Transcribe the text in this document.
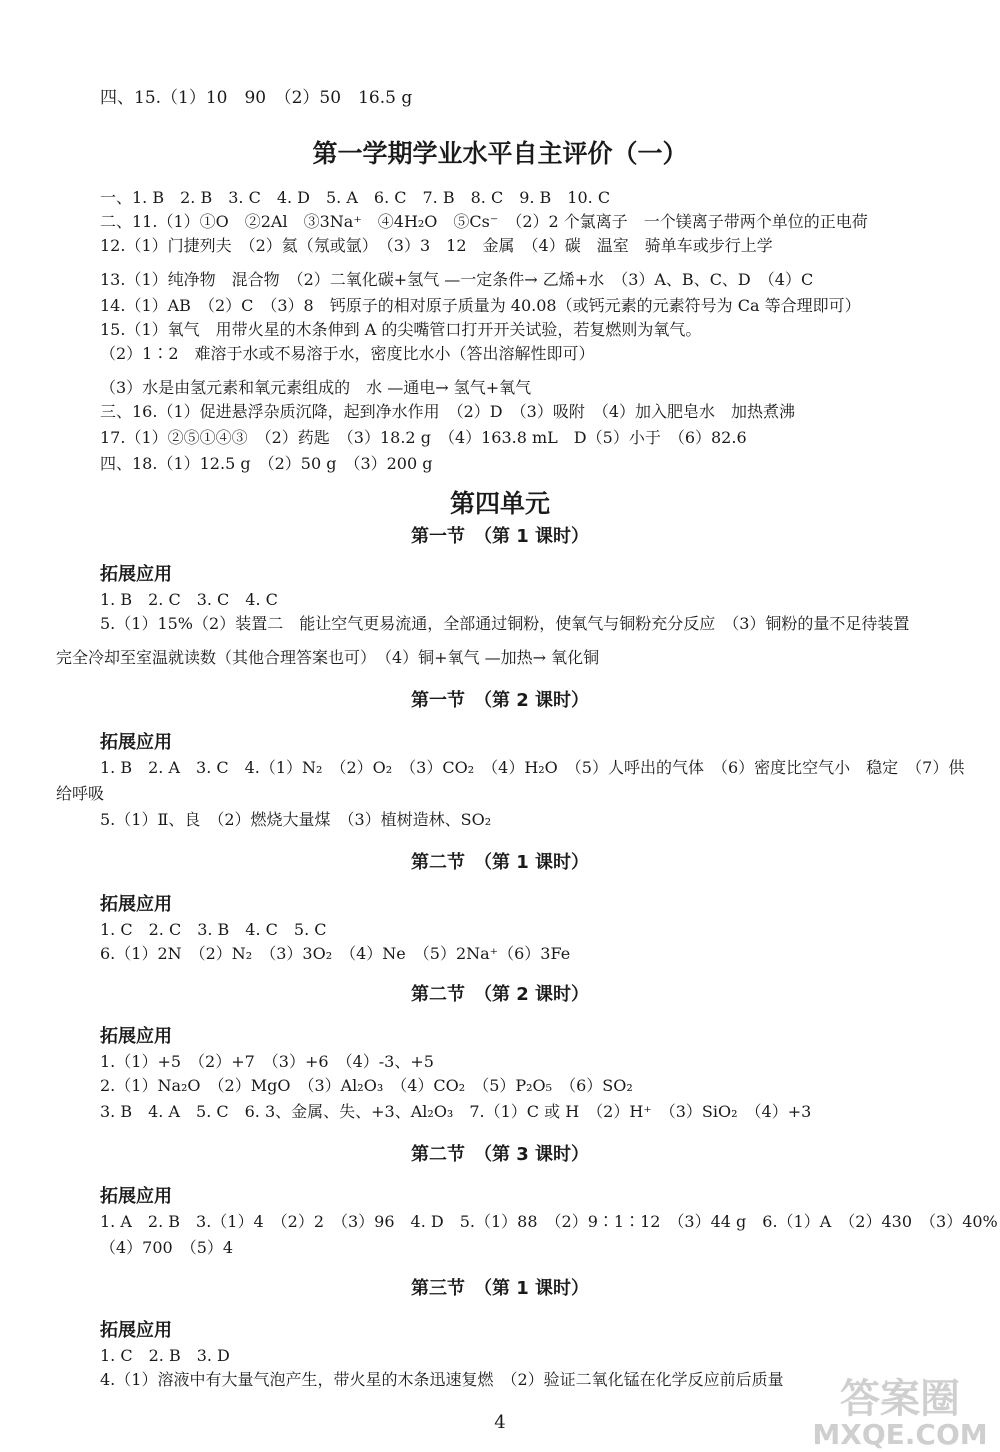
四、15.（1）10　90　（2）50　16.5 g
第一学期学业水平自主评价（一）
一、1. B　2. B　3. C　4. D　5. A　6. C　7. B　8. C　9. B　10. C
二、11.（1）①O　②2Al　③3Na⁺　④4H₂O　⑤Cs⁻　（2）2 个氯离子　一个镁离子带两个单位的正电荷
12.（1）门捷列夫　（2）氦（氖或氩）　（3）3　12　金属　（4）碳　温室　骑单车或步行上学
13.（1）纯净物　混合物　（2）二氧化碳+氢气 —一定条件→ 乙烯+水　（3）A、B、C、D　（4）C
14.（1）AB　（2）C　（3）8　钙原子的相对原子质量为 40.08（或钙元素的元素符号为 Ca 等合理即可）
15.（1）氧气　用带火星的木条伸到 A 的尖嘴管口打开开关试验，若复燃则为氧气。
（2）1∶2　难溶于水或不易溶于水，密度比水小（答出溶解性即可）
（3）水是由氢元素和氧元素组成的　水 —通电→ 氢气+氧气
三、16.（1）促进悬浮杂质沉降，起到净水作用　（2）D　（3）吸附　（4）加入肥皂水　加热煮沸
17.（1）②⑤①④③　（2）药匙　（3）18.2 g　（4）163.8 mL　D（5）小于　（6）82.6
四、18.（1）12.5 g　（2）50 g　（3）200 g
第四单元
第一节　（第 1 课时）
拓展应用
1. B　2. C　3. C　4. C
5.（1）15%（2）装置二　能让空气更易流通，全部通过铜粉，使氧气与铜粉充分反应　（3）铜粉的量不足待装置
完全冷却至室温就读数（其他合理答案也可）　（4）铜+氧气 —加热→ 氧化铜
第一节　（第 2 课时）
拓展应用
1. B　2. A　3. C　4.（1）N₂　（2）O₂　（3）CO₂　（4）H₂O　（5）人呼出的气体　（6）密度比空气小　稳定　（7）供
给呼吸
5.（1）Ⅱ、良　（2）燃烧大量煤　（3）植树造林、SO₂
第二节　（第 1 课时）
拓展应用
1. C　2. C　3. B　4. C　5. C
6.（1）2N　（2）N₂　（3）3O₂　（4）Ne　（5）2Na⁺（6）3Fe
第二节　（第 2 课时）
拓展应用
1.（1）+5　（2）+7　（3）+6　（4）-3、+5
2.（1）Na₂O　（2）MgO　（3）Al₂O₃　（4）CO₂　（5）P₂O₅　（6）SO₂
3. B　4. A　5. C　6. 3、金属、失、+3、Al₂O₃　7.（1）C 或 H　（2）H⁺　（3）SiO₂　（4）+3
第二节　（第 3 课时）
拓展应用
1. A　2. B　3.（1）4　（2）2　（3）96　4. D　5.（1）88　（2）9∶1∶12　（3）44 g　6.（1）A　（2）430　（3）40%
（4）700　（5）4
第三节　（第 1 课时）
拓展应用
1. C　2. B　3. D
4.（1）溶液中有大量气泡产生，带火星的木条迅速复燃　（2）验证二氧化锰在化学反应前后质量
4
答案圈
MXQE.COM
